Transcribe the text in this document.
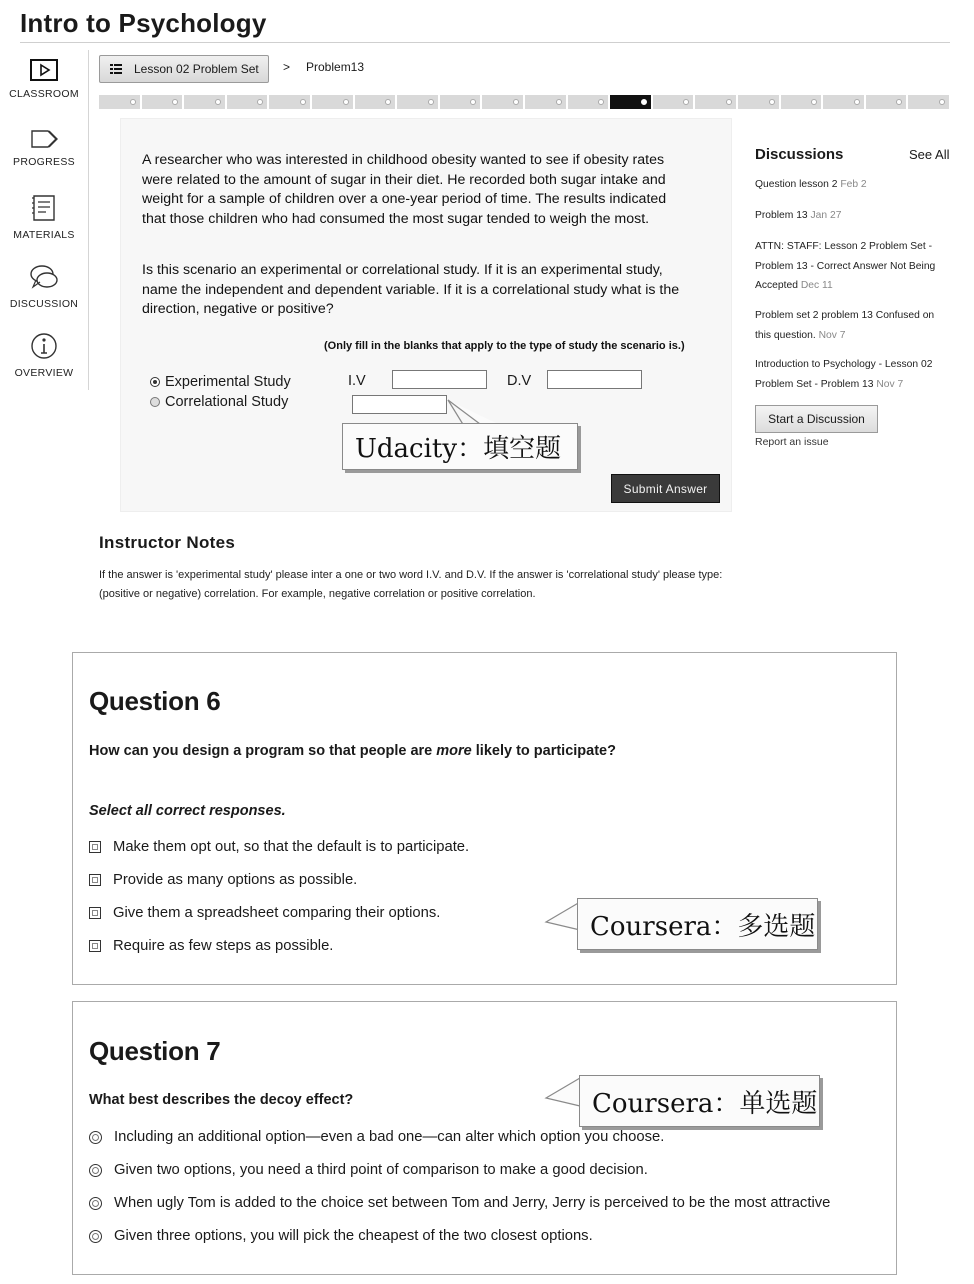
Intro to Psychology
CLASSROOM
PROGRESS
MATERIALS
DISCUSSION
OVERVIEW
Lesson 02 Problem Set > Problem13
A researcher who was interested in childhood obesity wanted to see if obesity rates were related to the amount of sugar in their diet. He recorded both sugar intake and weight for a sample of children over a one-year period of time. The results indicated that those children who had consumed the most sugar tended to weigh the most.
Is this scenario an experimental or correlational study. If it is an experimental study, name the independent and dependent variable. If it is a correlational study what is the direction, negative or positive?
(Only fill in the blanks that apply to the type of study the scenario is.)
Experimental Study
Correlational Study
I.V	D.V
Udacity：填空题
Submit Answer
Discussions	See All
Question lesson 2 Feb 2
Problem 13 Jan 27
ATTN: STAFF: Lesson 2 Problem Set - Problem 13 - Correct Answer Not Being Accepted Dec 11
Problem set 2 problem 13 Confused on this question. Nov 7
Introduction to Psychology - Lesson 02 Problem Set - Problem 13 Nov 7
Start a Discussion
Report an issue
Instructor Notes
If the answer is 'experimental study' please inter a one or two word I.V. and D.V. If the answer is 'correlational study' please type: (positive or negative) correlation. For example, negative correlation or positive correlation.
Question 6
How can you design a program so that people are more likely to participate?
Select all correct responses.
Make them opt out, so that the default is to participate.
Provide as many options as possible.
Give them a spreadsheet comparing their options.
Require as few steps as possible.
Coursera：多选题
Question 7
What best describes the decoy effect?
Including an additional option—even a bad one—can alter which option you choose.
Given two options, you need a third point of comparison to make a good decision.
When ugly Tom is added to the choice set between Tom and Jerry, Jerry is perceived to be the most attractive
Given three options, you will pick the cheapest of the two closest options.
Coursera：单选题
